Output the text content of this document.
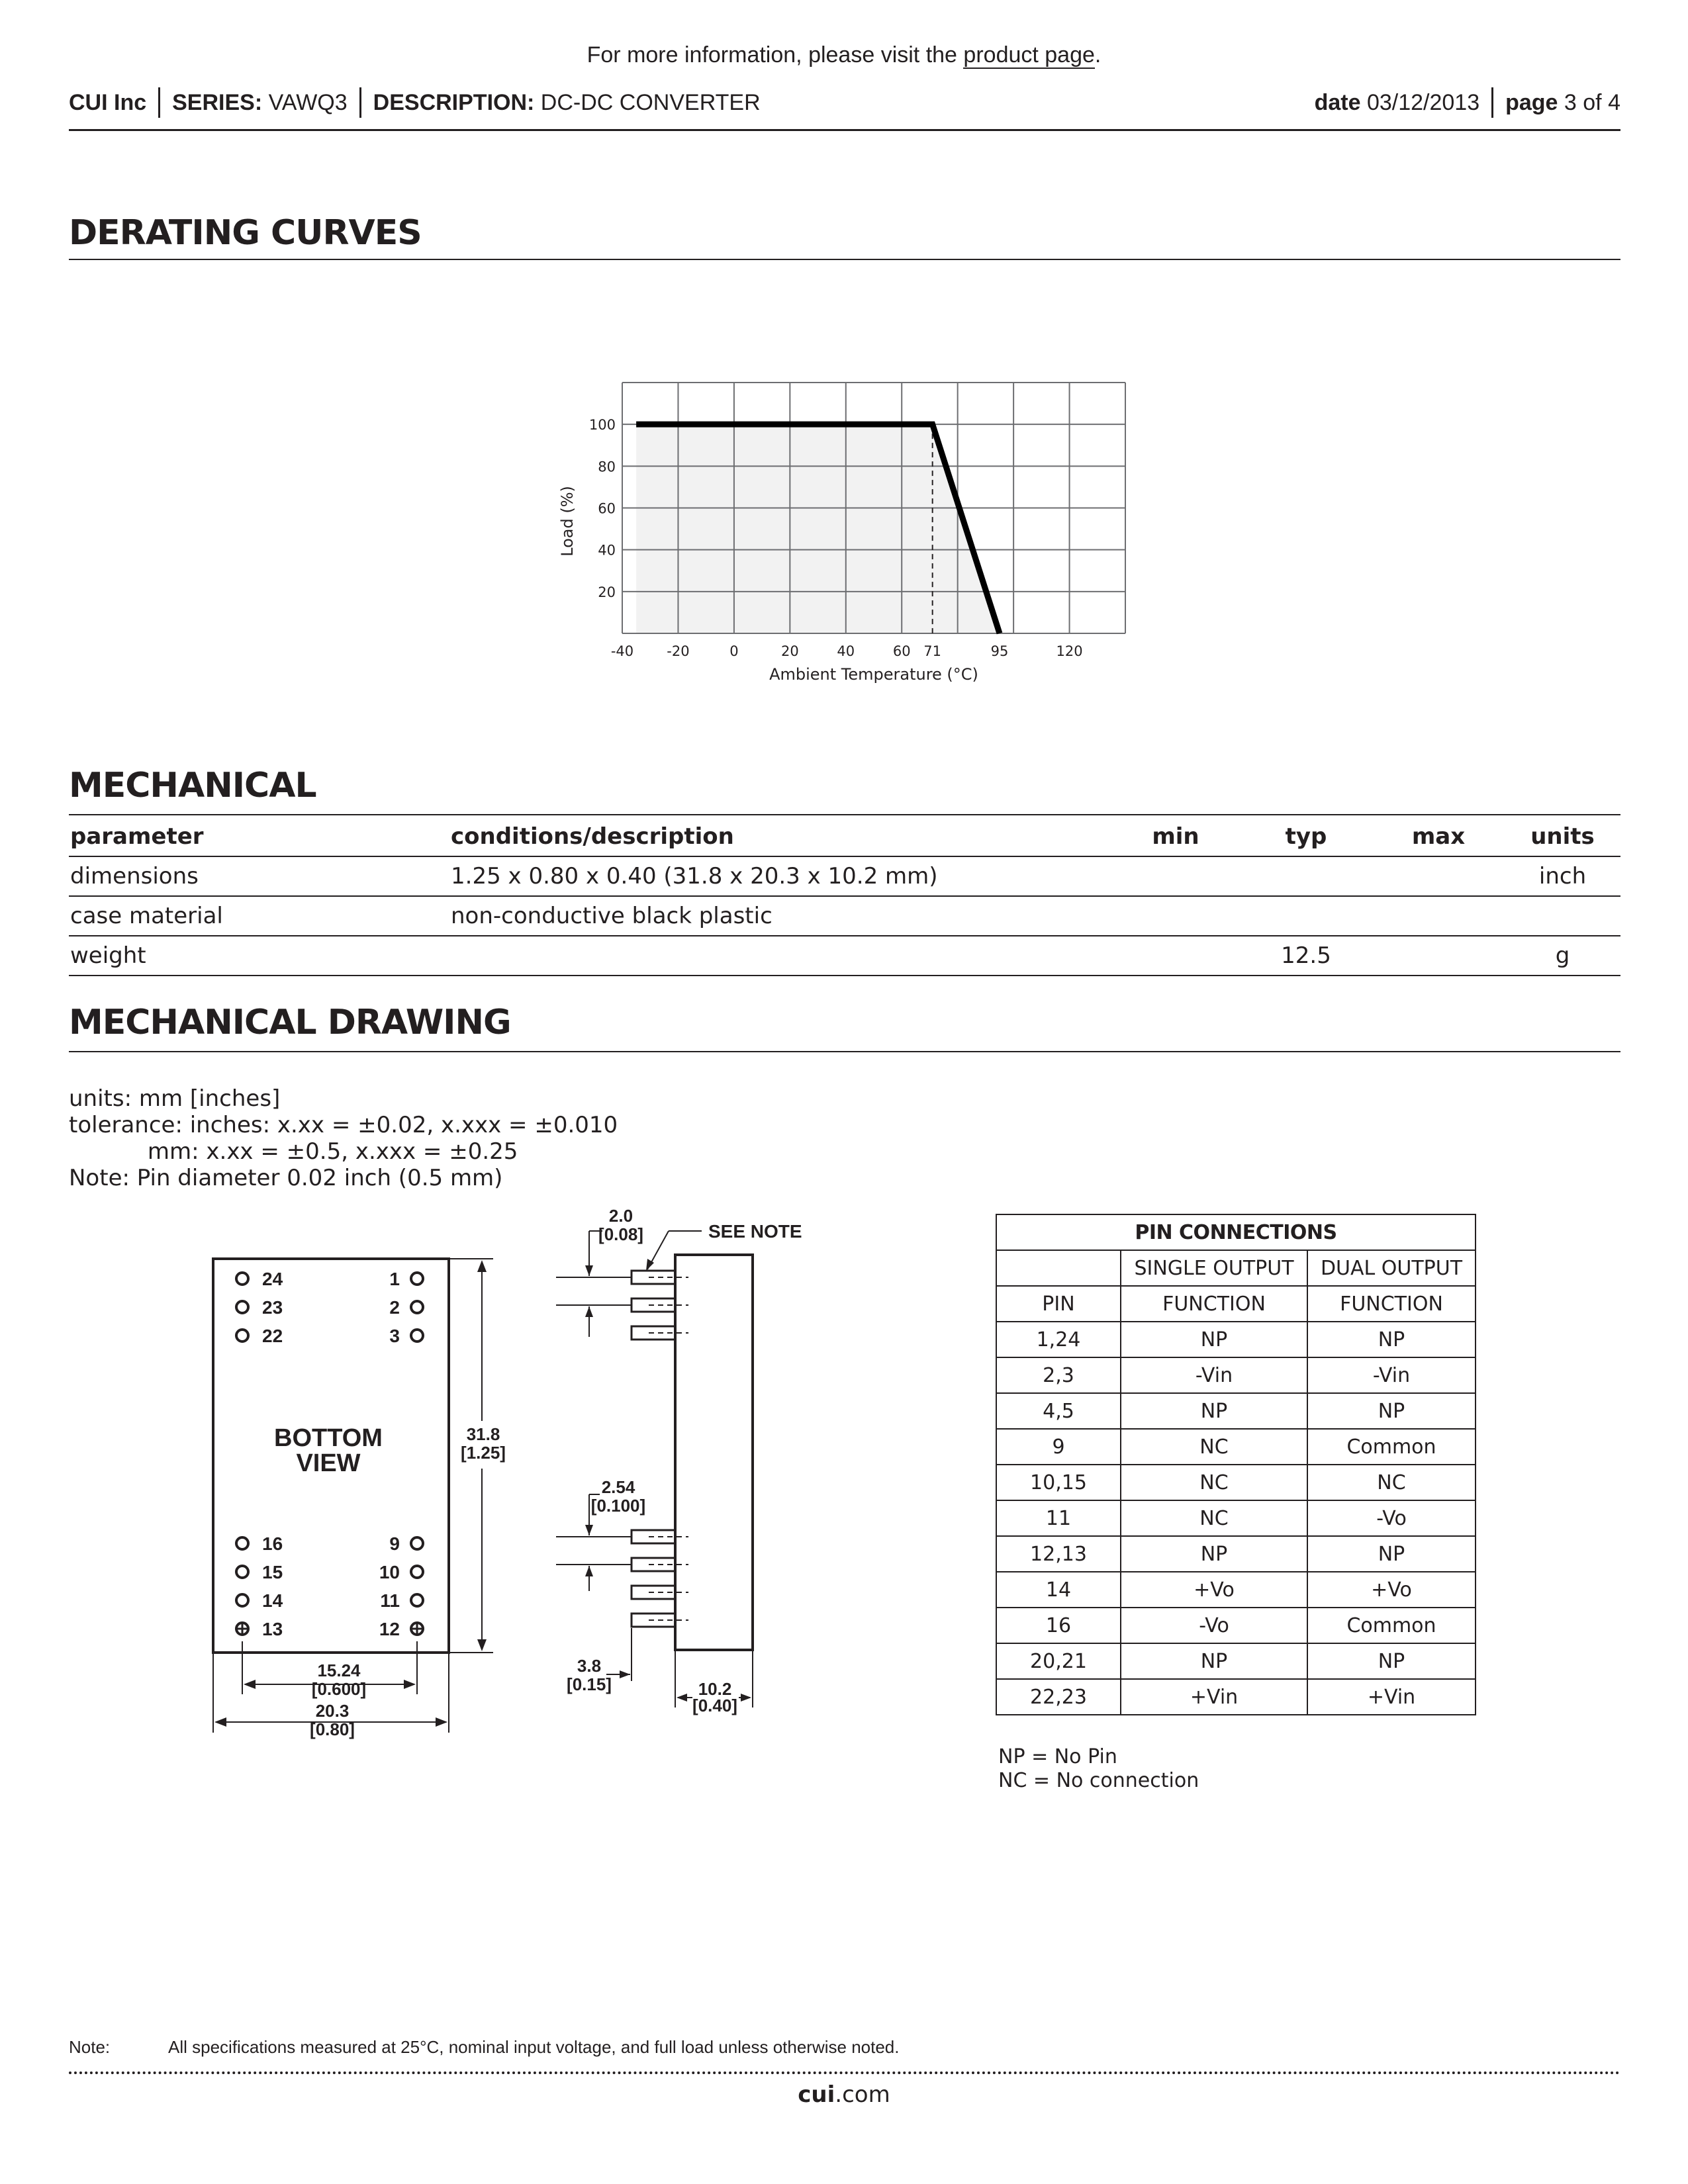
For more information, please visit the product page.
CUI Inc SERIES:
VAWQ3 DESCRIPTION:
DC-DC CONVERTER	date
03/12/2013 page
3 of 4
DERATING CURVES
100
80
60
40
20
-40 -20	0	20	40	60 71	95	120
Ambient Temperature (°C)
Load (%)
MECHANICAL
parameter	conditions/description	min	typ	max	units
dimensions	1.25 x 0.80 x 0.40 (31.8 x 20.3 x 10.2 mm)				inch
case material	non-conductive black plastic				
weight			12.5		g
MECHANICAL DRAWING
units: mm [inches]
tolerance: inches: x.xx = ±0.02, x.xxx = ±0.010
mm: x.xx = ±0.5, x.xxx = ±0.25
Note: Pin diameter 0.02 inch (0.5 mm)
24
23
22
1
2
3
BOTTOM
VIEW
16
15
14
13
9
10
11
12
31.8
[1.25]
15.24
[0.600]
20.3
[0.80]
2.0
[0.08]	SEE NOTE
2.54
[0.100]
3.8
[0.15]	10.2
[0.40]
PIN CONNECTIONS		
	SINGLE OUTPUT	DUAL OUTPUT
PIN	FUNCTION	FUNCTION
1,24	NP	NP
2,3	-Vin	-Vin
4,5	NP	NP
9	NC	Common
10,15	NC	NC
11	NC	-Vo
12,13	NP	NP
14	+Vo	+Vo
16	-Vo	Common
20,21	NP	NP
22,23	+Vin	+Vin
NP = No Pin
NC = No connection
Note:	All specifications measured at 25°C, nominal input voltage, and full load unless otherwise noted.
cui.com
